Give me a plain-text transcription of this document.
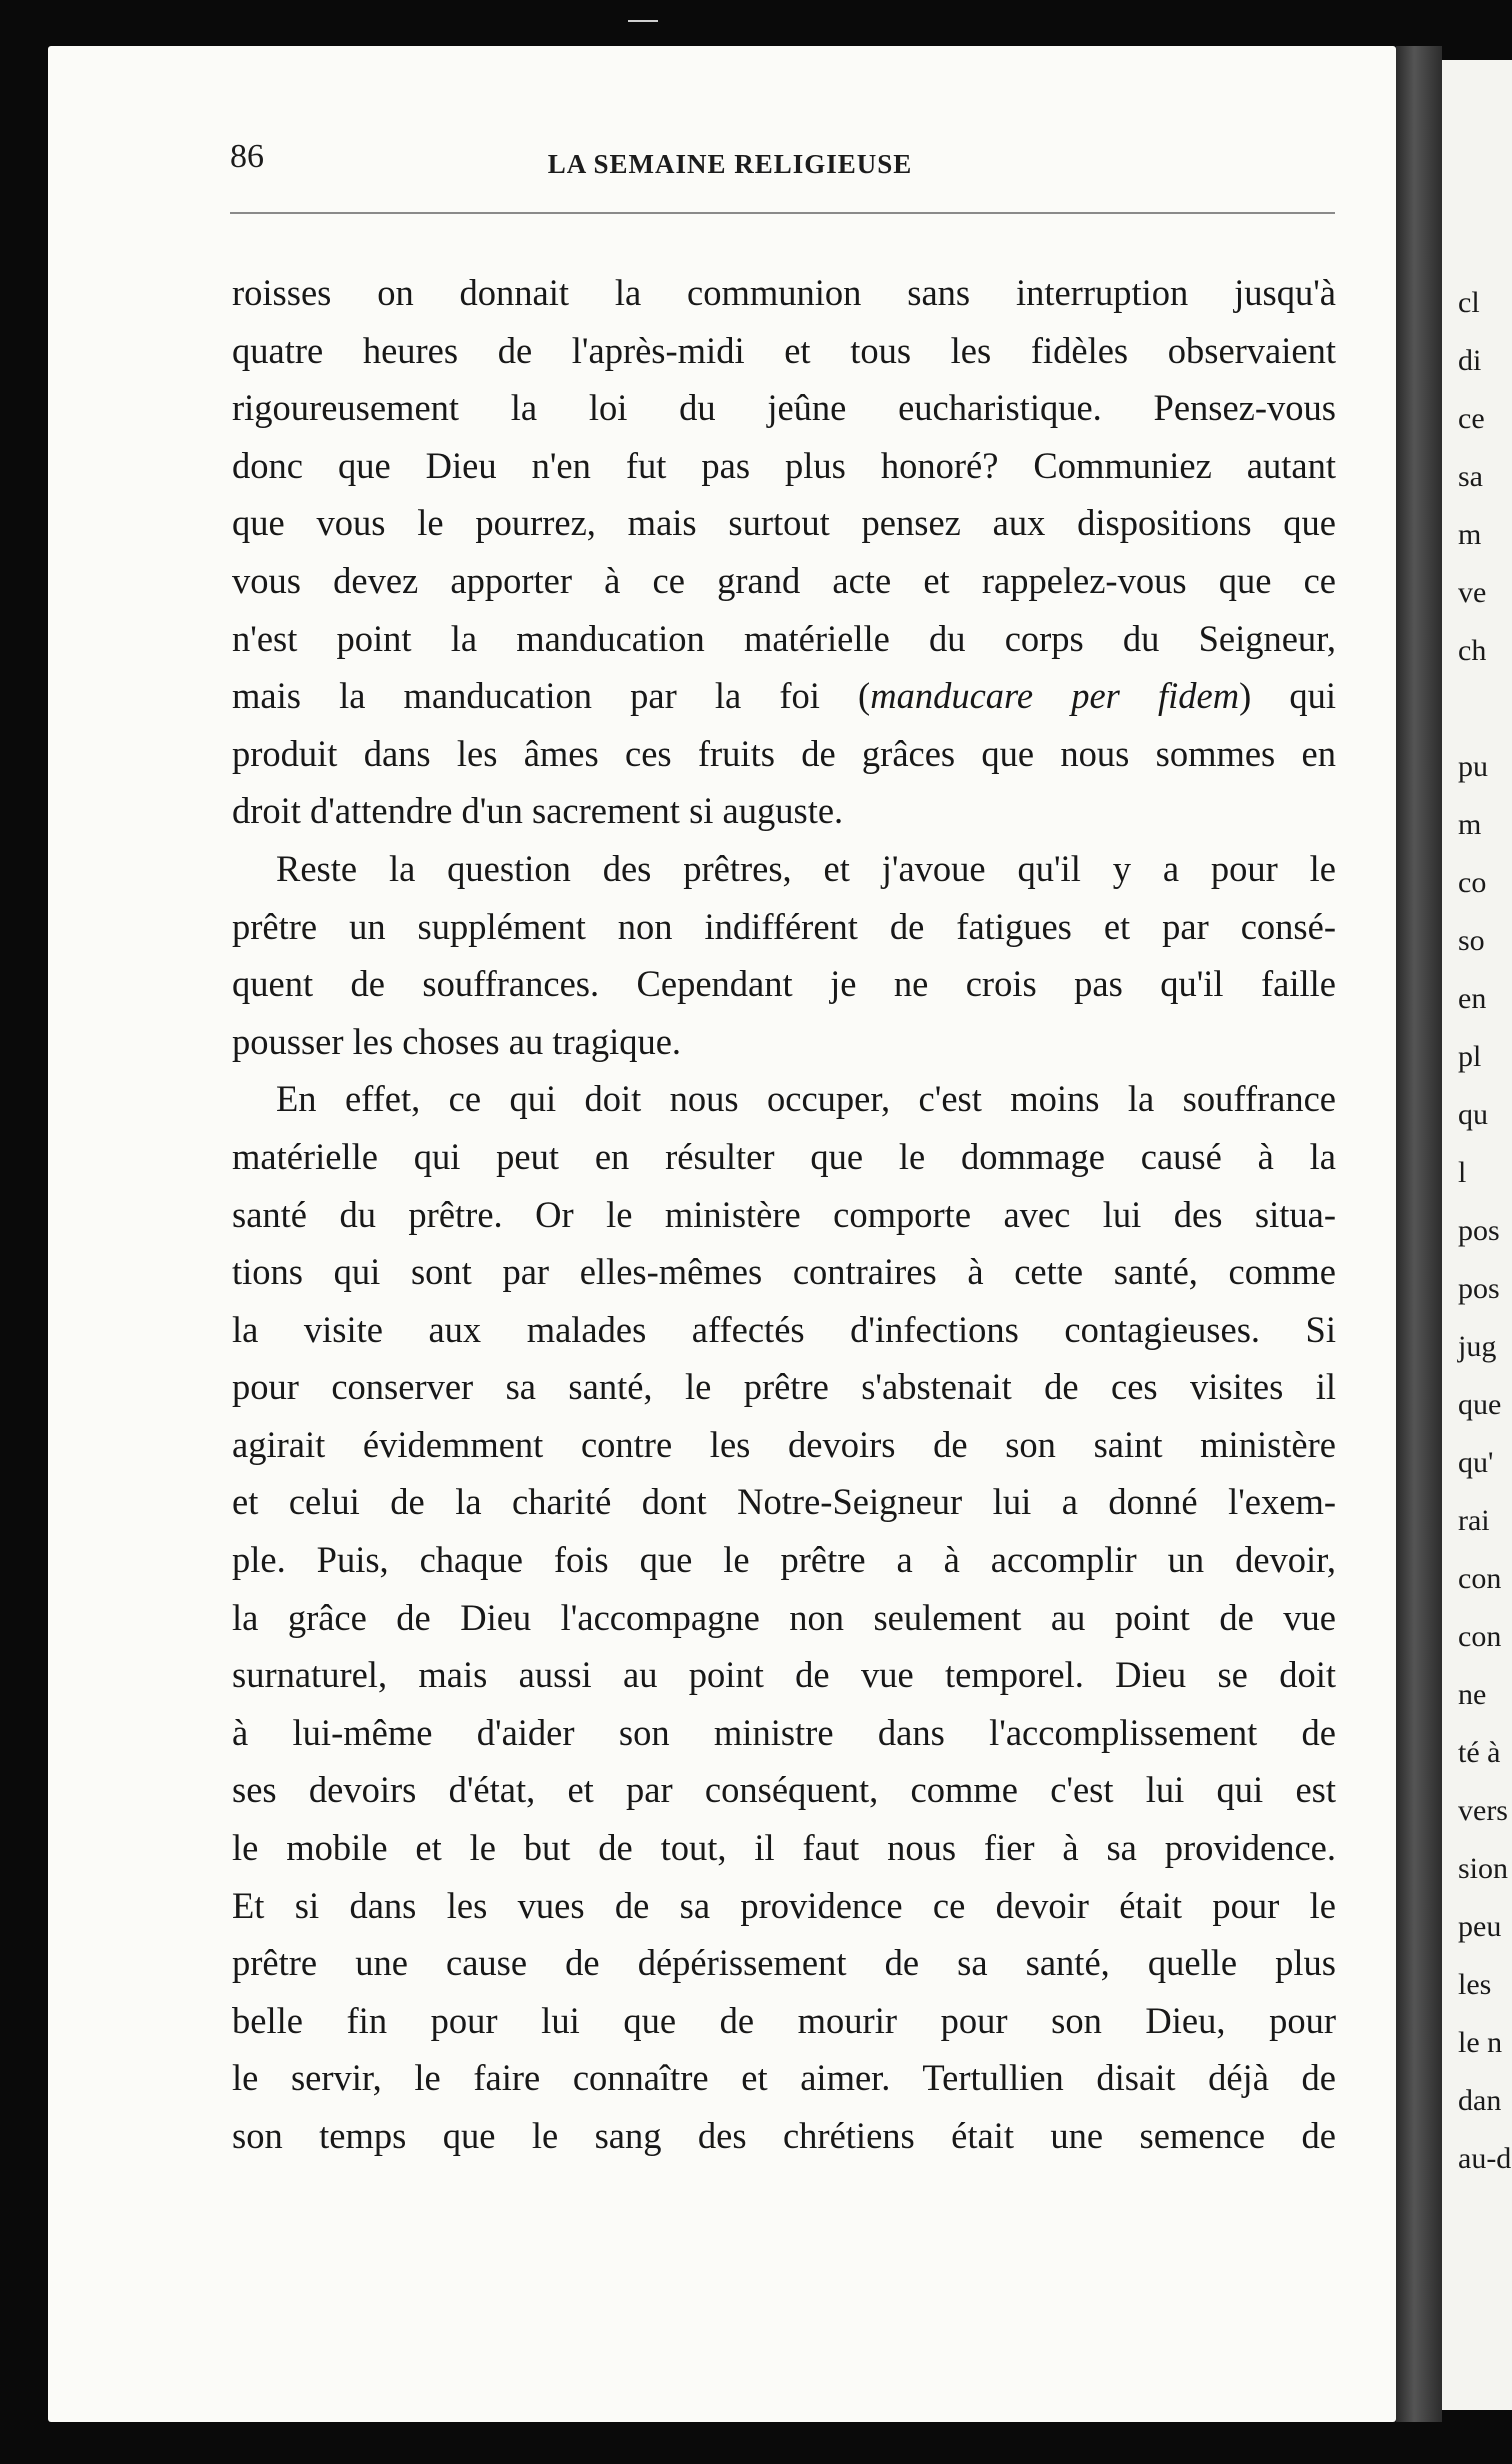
cl
di
ce
sa
m
ve
ch
pu
m
co
so
en
pl
qu
l
pos
pos
jug
que
qu'
rai
con
con
ne
té à
vers
sion
peu
les
le n
dan
au-d
86	LA SEMAINE RELIGIEUSE

roisses on donnait la communion sans interruption jusqu'à

quatre heures de l'après-midi et tous les fidèles observaient

rigoureusement la loi du jeûne eucharistique. Pensez-vous

donc que Dieu n'en fut pas plus honoré? Communiez autant

que vous le pourrez, mais surtout pensez aux dispositions que

vous devez apporter à ce grand acte et rappelez-vous que ce

n'est point la manducation matérielle du corps du Seigneur,

mais la manducation par la foi (manducare per fidem) qui

produit dans les âmes ces fruits de grâces que nous sommes en

droit d'attendre d'un sacrement si auguste.

Reste la question des prêtres, et j'avoue qu'il y a pour le

prêtre un supplément non indifférent de fatigues et par consé-

quent de souffrances. Cependant je ne crois pas qu'il faille

pousser les choses au tragique.

En effet, ce qui doit nous occuper, c'est moins la souffrance

matérielle qui peut en résulter que le dommage causé à la

santé du prêtre. Or le ministère comporte avec lui des situa-

tions qui sont par elles-mêmes contraires à cette santé, comme

la visite aux malades affectés d'infections contagieuses. Si

pour conserver sa santé, le prêtre s'abstenait de ces visites il

agirait évidemment contre les devoirs de son saint ministère

et celui de la charité dont Notre-Seigneur lui a donné l'exem-

ple. Puis, chaque fois que le prêtre a à accomplir un devoir,

la grâce de Dieu l'accompagne non seulement au point de vue

surnaturel, mais aussi au point de vue temporel. Dieu se doit

à lui-même d'aider son ministre dans l'accomplissement de

ses devoirs d'état, et par conséquent, comme c'est lui qui est

le mobile et le but de tout, il faut nous fier à sa providence.

Et si dans les vues de sa providence ce devoir était pour le

prêtre une cause de dépérissement de sa santé, quelle plus

belle fin pour lui que de mourir pour son Dieu, pour

le servir, le faire connaître et aimer. Tertullien disait déjà de

son temps que le sang des chrétiens était une semence de
